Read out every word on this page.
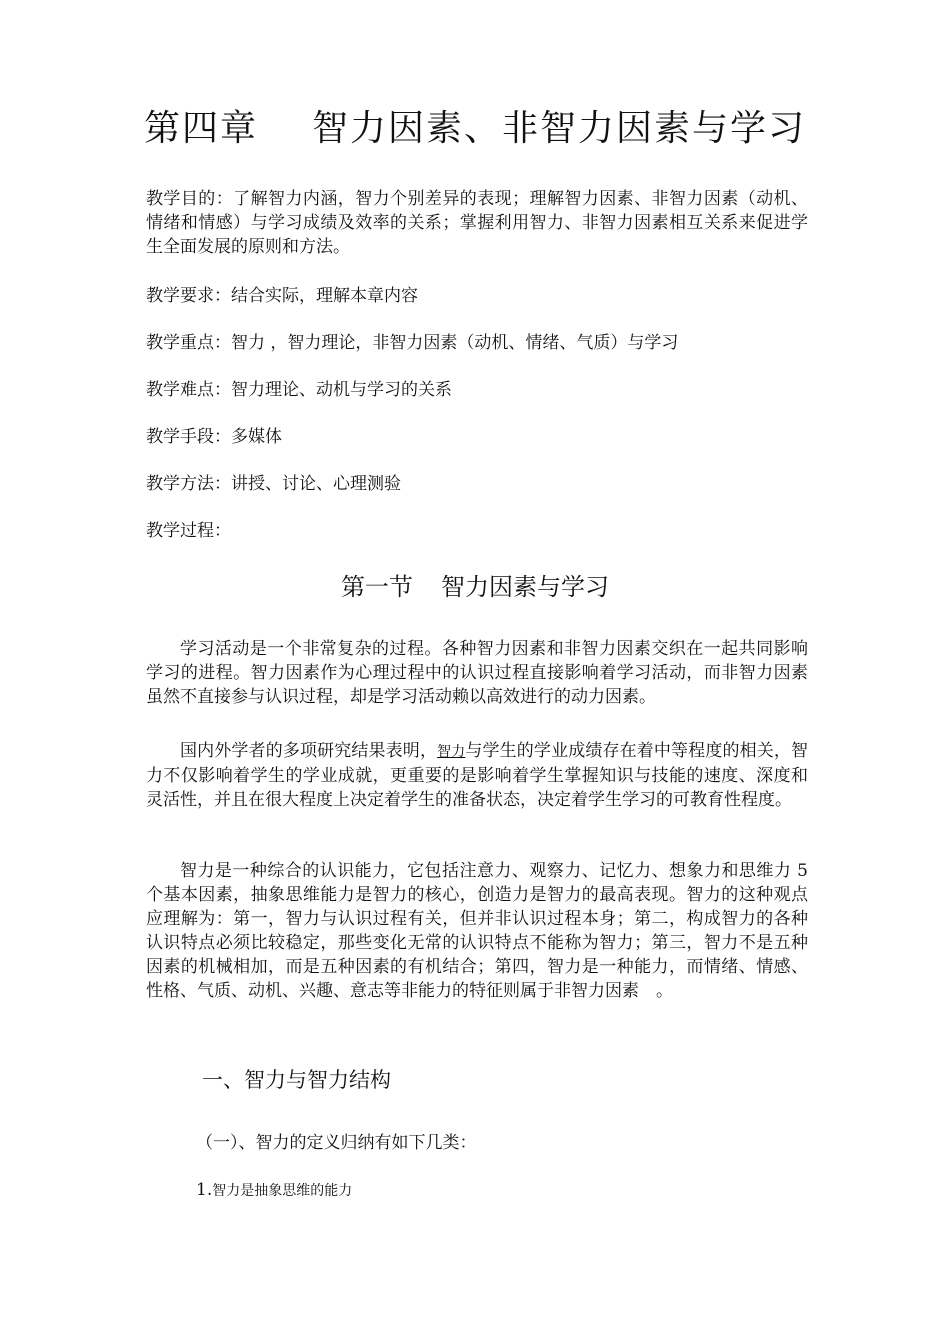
第四章 智力因素、非智力因素与学习

教学目的：了解智力内涵，智力个别差异的表现；理解智力因素、非智力因素（动机、情绪和情感）与学习成绩及效率的关系；掌握利用智力、非智力因素相互关系来促进学生全面发展的原则和方法。

教学要求：结合实际，理解本章内容

教学重点：智力 ，智力理论，非智力因素（动机、情绪、气质）与学习

教学难点：智力理论、动机与学习的关系

教学手段：多媒体

教学方法：讲授、讨论、心理测验

教学过程：

第一节 智力因素与学习

学习活动是一个非常复杂的过程。各种智力因素和非智力因素交织在一起共同影响学习的进程。智力因素作为心理过程中的认识过程直接影响着学习活动，而非智力因素虽然不直接参与认识过程，却是学习活动赖以高效进行的动力因素。

国内外学者的多项研究结果表明，智力与学生的学业成绩存在着中等程度的相关，智力不仅影响着学生的学业成就，更重要的是影响着学生掌握知识与技能的速度、深度和灵活性，并且在很大程度上决定着学生的准备状态，决定着学生学习的可教育性程度。

智力是一种综合的认识能力，它包括注意力、观察力、记忆力、想象力和思维力 5 个基本因素，抽象思维能力是智力的核心，创造力是智力的最高表现。智力的这种观点应理解为：第一，智力与认识过程有关，但并非认识过程本身；第二，构成智力的各种认识特点必须比较稳定，那些变化无常的认识特点不能称为智力；第三，智力不是五种因素的机械相加，而是五种因素的有机结合；第四，智力是一种能力，而情绪、情感、性格、气质、动机、兴趣、意志等非能力的特征则属于非智力因素　。

一、智力与智力结构

（一）、智力的定义归纳有如下几类：

1.智力是抽象思维的能力
